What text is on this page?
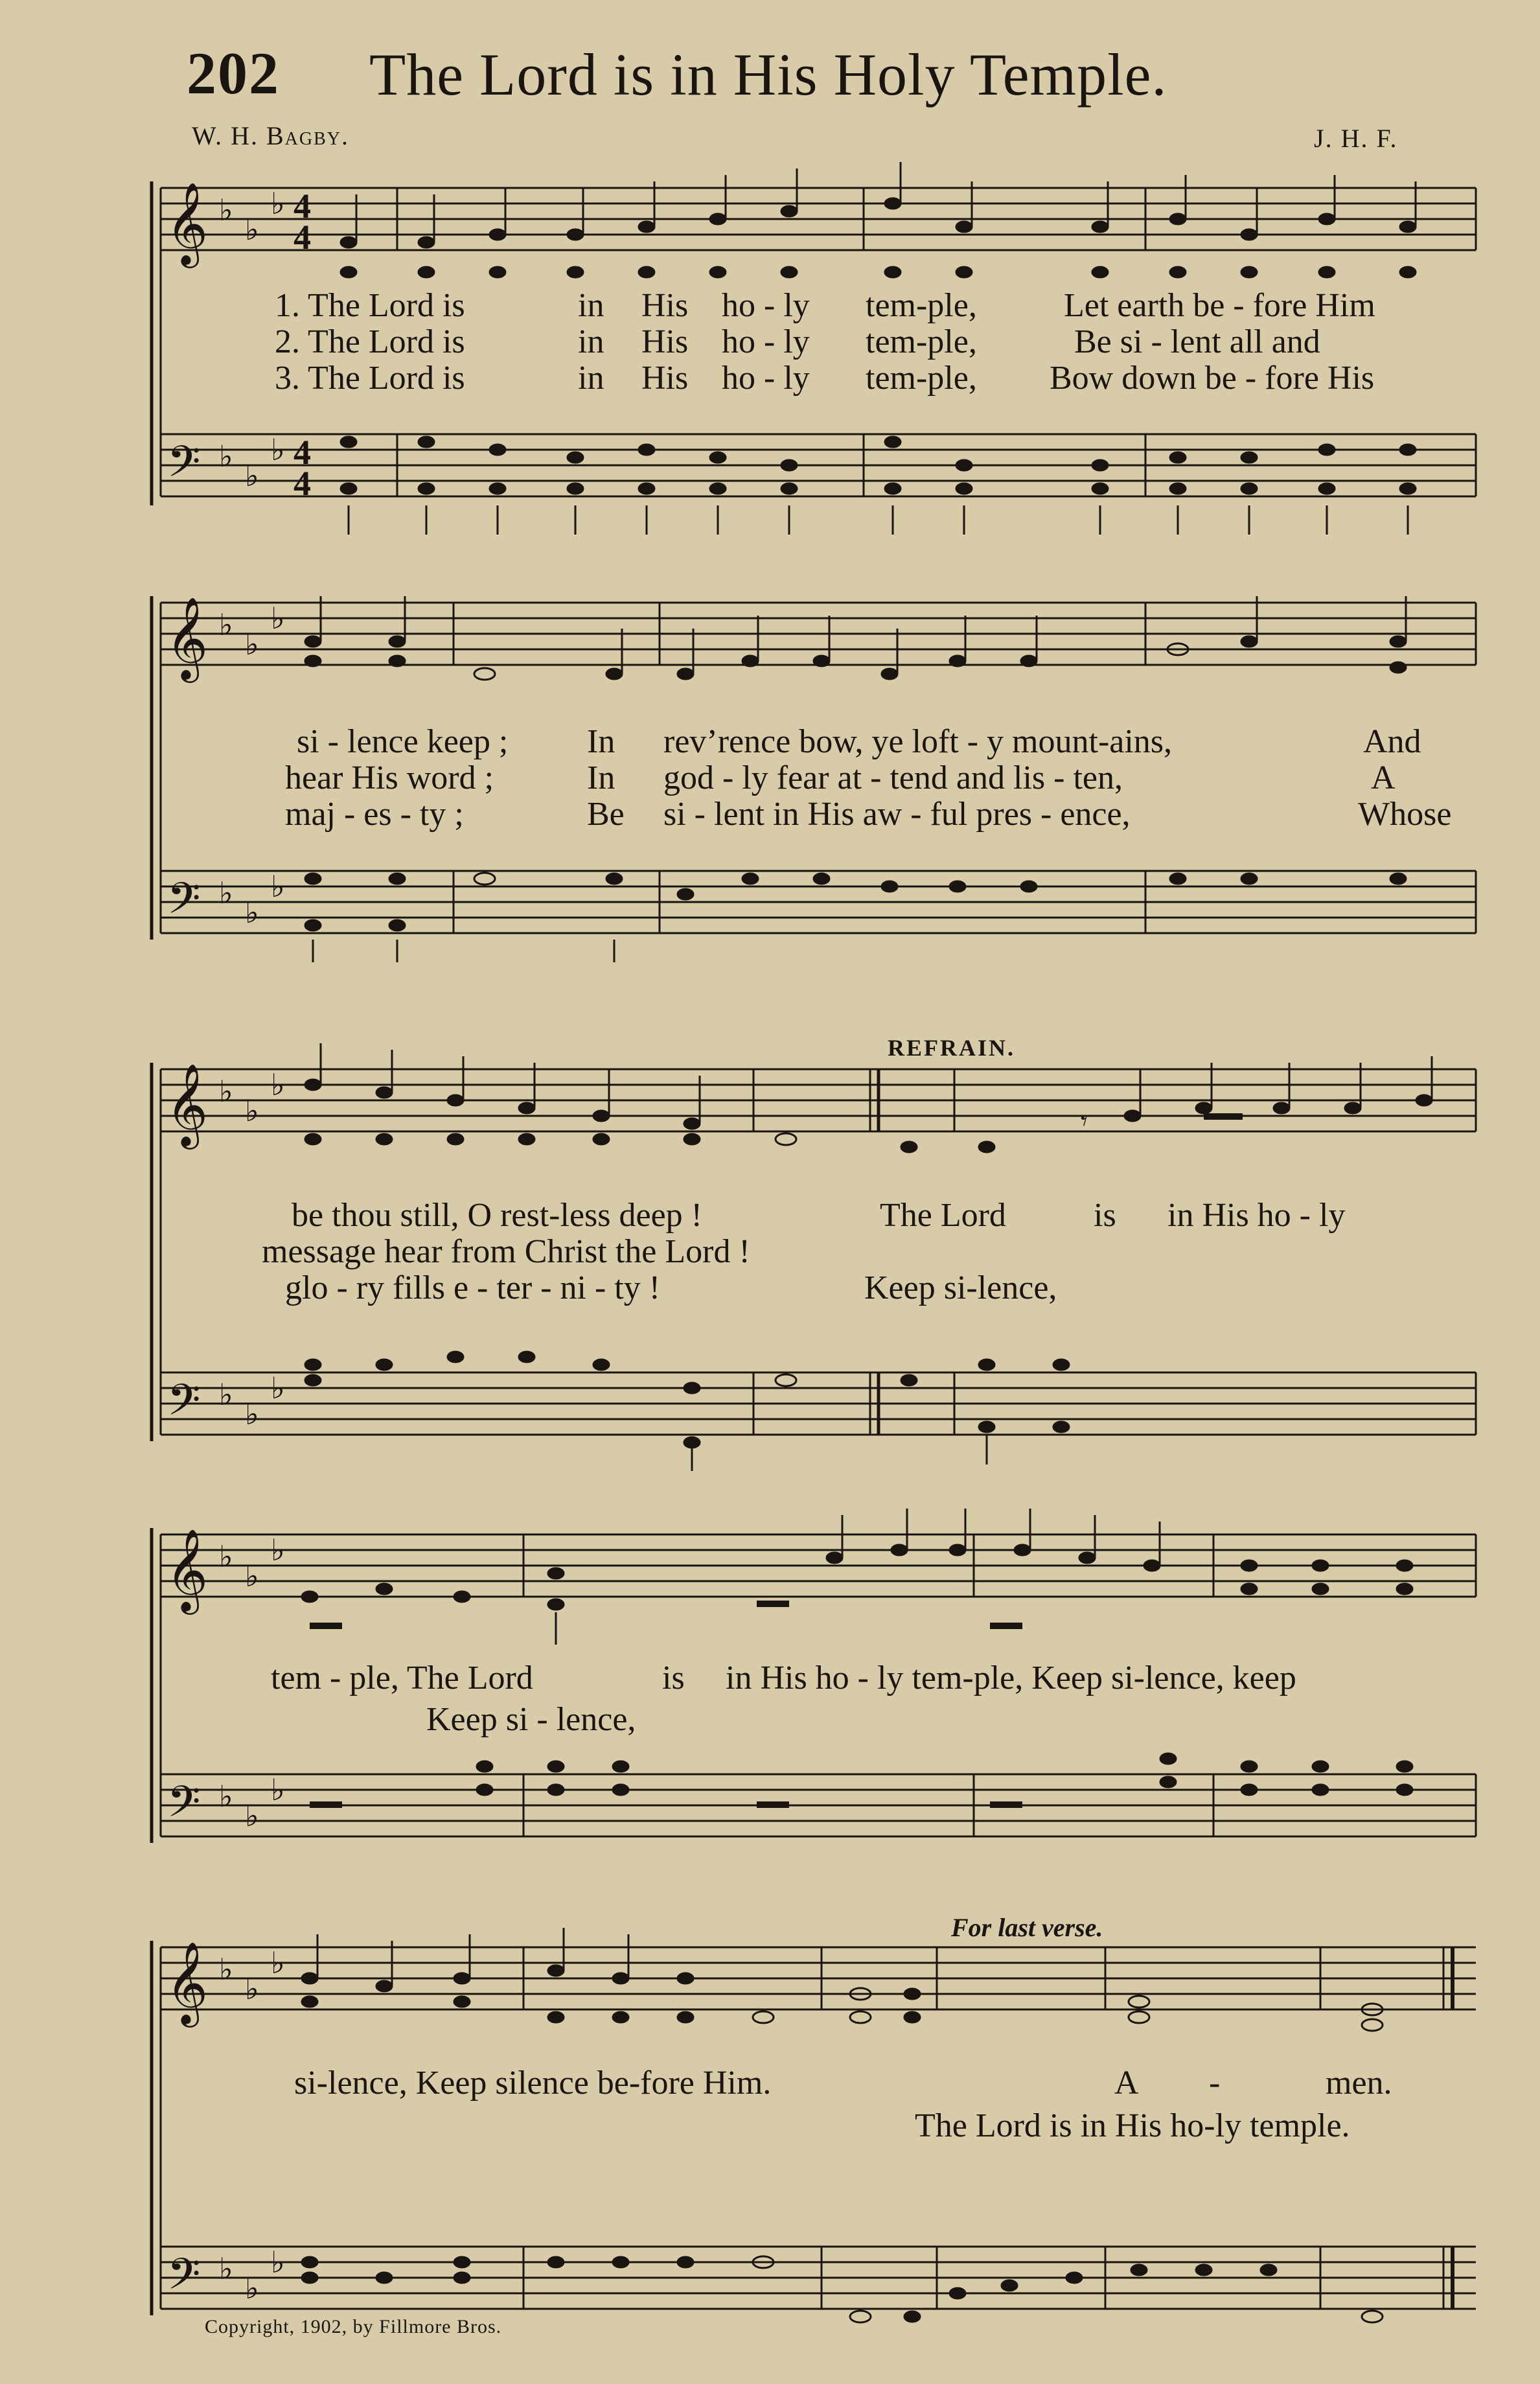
202 The Lord is in His Holy Temple.
W. H. Bagby.	J. H. F.
𝄞
𝄢
♭
♭
♭
♭
♭
♭
4
4
4
4
1. The Lord is	in His ho - ly tem-ple,	Let earth be - fore Him
2. The Lord is	in His ho - ly tem-ple,	Be si - lent all and
3. The Lord is	in His ho - ly tem-ple, Bow down be - fore His
𝄞
𝄢
♭
♭
♭
♭
♭
♭
si - lence keep ; In rev’rence bow, ye loft - y mount-ains,	And
hear His word ;	In god - ly fear at - tend and lis - ten,	A
maj - es - ty ;	Be si - lent in His aw - ful pres - ence,	Whose
𝄞
𝄢
♭
♭
♭
♭
♭
♭
𝄾
REFRAIN.
be thou still, O rest-less deep !	The Lord	is in His ho - ly
message hear from Christ the Lord !
glo - ry fills e - ter - ni - ty !	Keep si-lence,
𝄞
𝄢
♭
♭
♭
♭
♭
♭
tem - ple, The Lord	is in His ho - ly tem-ple, Keep si-lence, keep
Keep si - lence,
𝄞
𝄢
♭
♭
♭
♭
♭
♭
For last verse.
si-lence, Keep silence be-fore Him.	A -	men.
The Lord is in His ho-ly temple.
Copyright, 1902, by Fillmore Bros.
